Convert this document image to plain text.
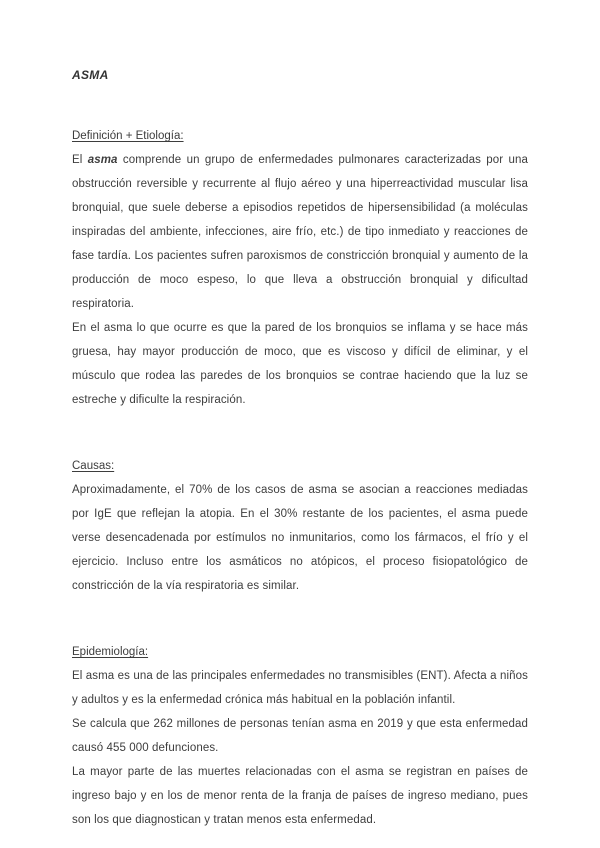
ASMA
Definición + Etiología:

El asma comprende un grupo de enfermedades pulmonares caracterizadas por una obstrucción reversible y recurrente al flujo aéreo y una hiperreactividad muscular lisa bronquial, que suele deberse a episodios repetidos de hipersensibilidad (a moléculas inspiradas del ambiente, infecciones, aire frío, etc.) de tipo inmediato y reacciones de fase tardía. Los pacientes sufren paroxismos de constricción bronquial y aumento de la producción de moco espeso, lo que lleva a obstrucción bronquial y dificultad respiratoria.

En el asma lo que ocurre es que la pared de los bronquios se inflama y se hace más gruesa, hay mayor producción de moco, que es viscoso y difícil de eliminar, y el músculo que rodea las paredes de los bronquios se contrae haciendo que la luz se estreche y dificulte la respiración.

Causas:

Aproximadamente, el 70% de los casos de asma se asocian a reacciones mediadas por IgE que reflejan la atopia. En el 30% restante de los pacientes, el asma puede verse desencadenada por estímulos no inmunitarios, como los fármacos, el frío y el ejercicio. Incluso entre los asmáticos no atópicos, el proceso fisiopatológico de constricción de la vía respiratoria es similar.

Epidemiología:

El asma es una de las principales enfermedades no transmisibles (ENT). Afecta a niños y adultos y es la enfermedad crónica más habitual en la población infantil.

Se calcula que 262 millones de personas tenían asma en 2019 y que esta enfermedad causó 455 000 defunciones.

La mayor parte de las muertes relacionadas con el asma se registran en países de ingreso bajo y en los de menor renta de la franja de países de ingreso mediano, pues son los que diagnostican y tratan menos esta enfermedad.
